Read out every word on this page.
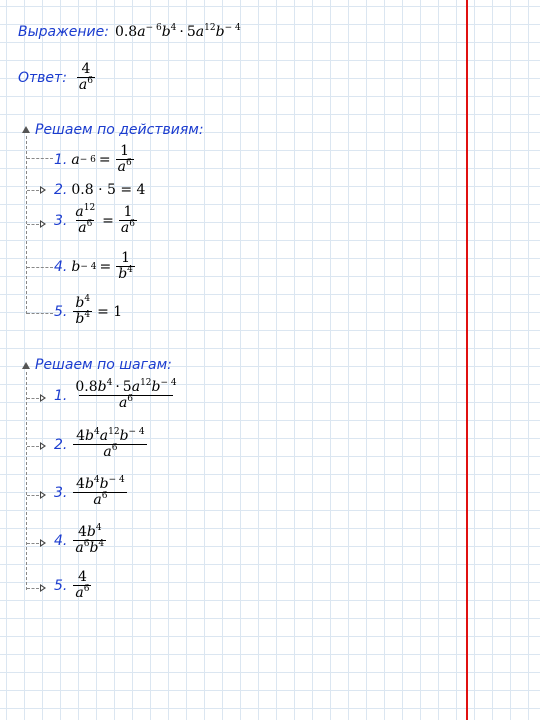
Выражение: $0.8a^{- 6}b^4 \cdot 5a^{12}b^{- 4}$
Ответ: $\frac{4}{a^6}$
Решаем по действиям:
1. $a - 6 = \frac{1}{a^6}$
2. 0.8 · 5 = 4
3. $\frac{a^{12}}{a^6} = \frac{1}{a^6}$
4. $b - 4 = \frac{1}{b^4}$
5. $\frac{b^4}{b^4} = 1$
Решаем по шагам:
1. $\frac{0.8b^4 \cdot 5a^{12}b^{- 4}}{a^6}$
2. $\frac{4b^4a^{12}b^{- 4}}{a^6}$
3. $\frac{4b^4b^{- 4}}{a^6}$
4. $\frac{4b^4}{a^6b^4}$
5. $\frac{4}{a^6}$
